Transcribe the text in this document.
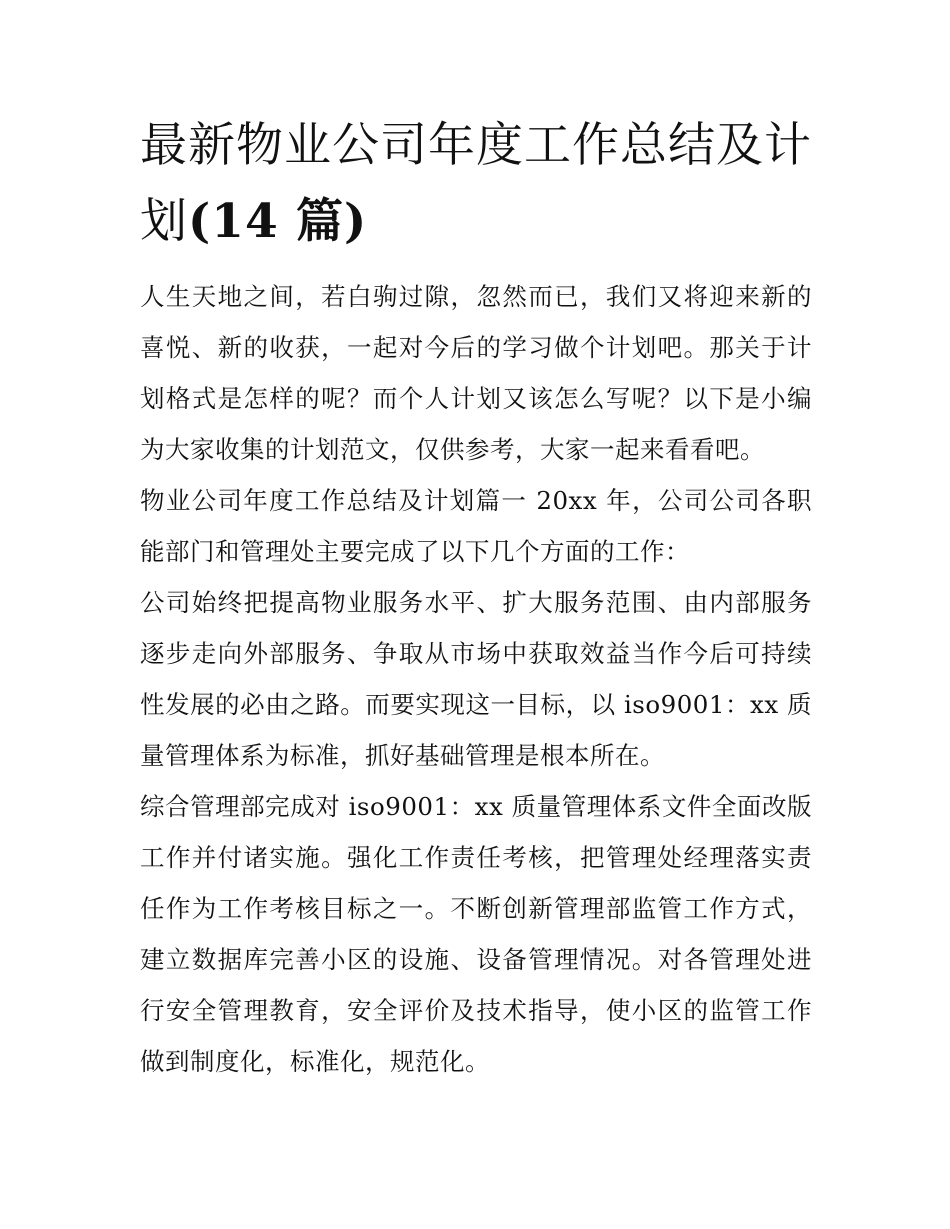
最新物业公司年度工作总结及计划(14 篇)

人生天地之间，若白驹过隙，忽然而已，我们又将迎来新的喜悦、新的收获，一起对今后的学习做个计划吧。那关于计划格式是怎样的呢？而个人计划又该怎么写呢？以下是小编为大家收集的计划范文，仅供参考，大家一起来看看吧。

物业公司年度工作总结及计划篇一 20xx 年，公司公司各职能部门和管理处主要完成了以下几个方面的工作：

公司始终把提高物业服务水平、扩大服务范围、由内部服务逐步走向外部服务、争取从市场中获取效益当作今后可持续性发展的必由之路。而要实现这一目标，以 iso9001：xx 质量管理体系为标准，抓好基础管理是根本所在。

综合管理部完成对 iso9001：xx 质量管理体系文件全面改版工作并付诸实施。强化工作责任考核，把管理处经理落实责任作为工作考核目标之一。不断创新管理部监管工作方式，建立数据库完善小区的设施、设备管理情况。对各管理处进行安全管理教育，安全评价及技术指导，使小区的监管工作做到制度化，标准化，规范化。
